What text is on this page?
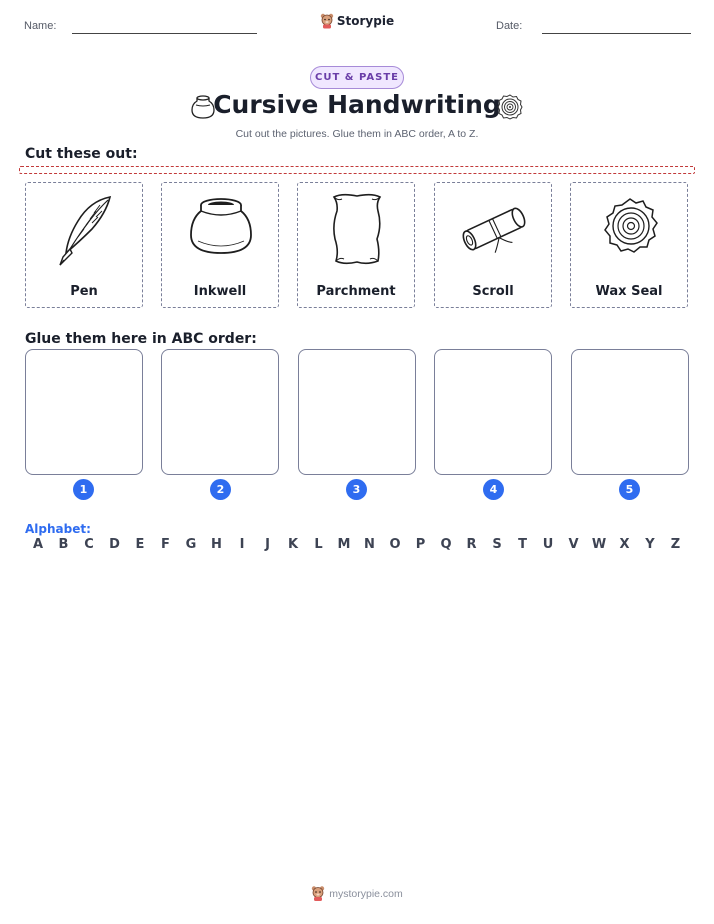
Name:	Storypie	Date:
CUT & PASTE
Cursive Handwriting
Cut out the pictures. Glue them in ABC order, A to Z.
Cut these out:
Pen	Inkwell	Parchment	Scroll	Wax Seal
Glue them here in ABC order:
1	2	3	4	5
Alphabet:
A B C D E F G H	I	J	K L M N O P Q R S T U V W X Y Z
mystorypie.com
